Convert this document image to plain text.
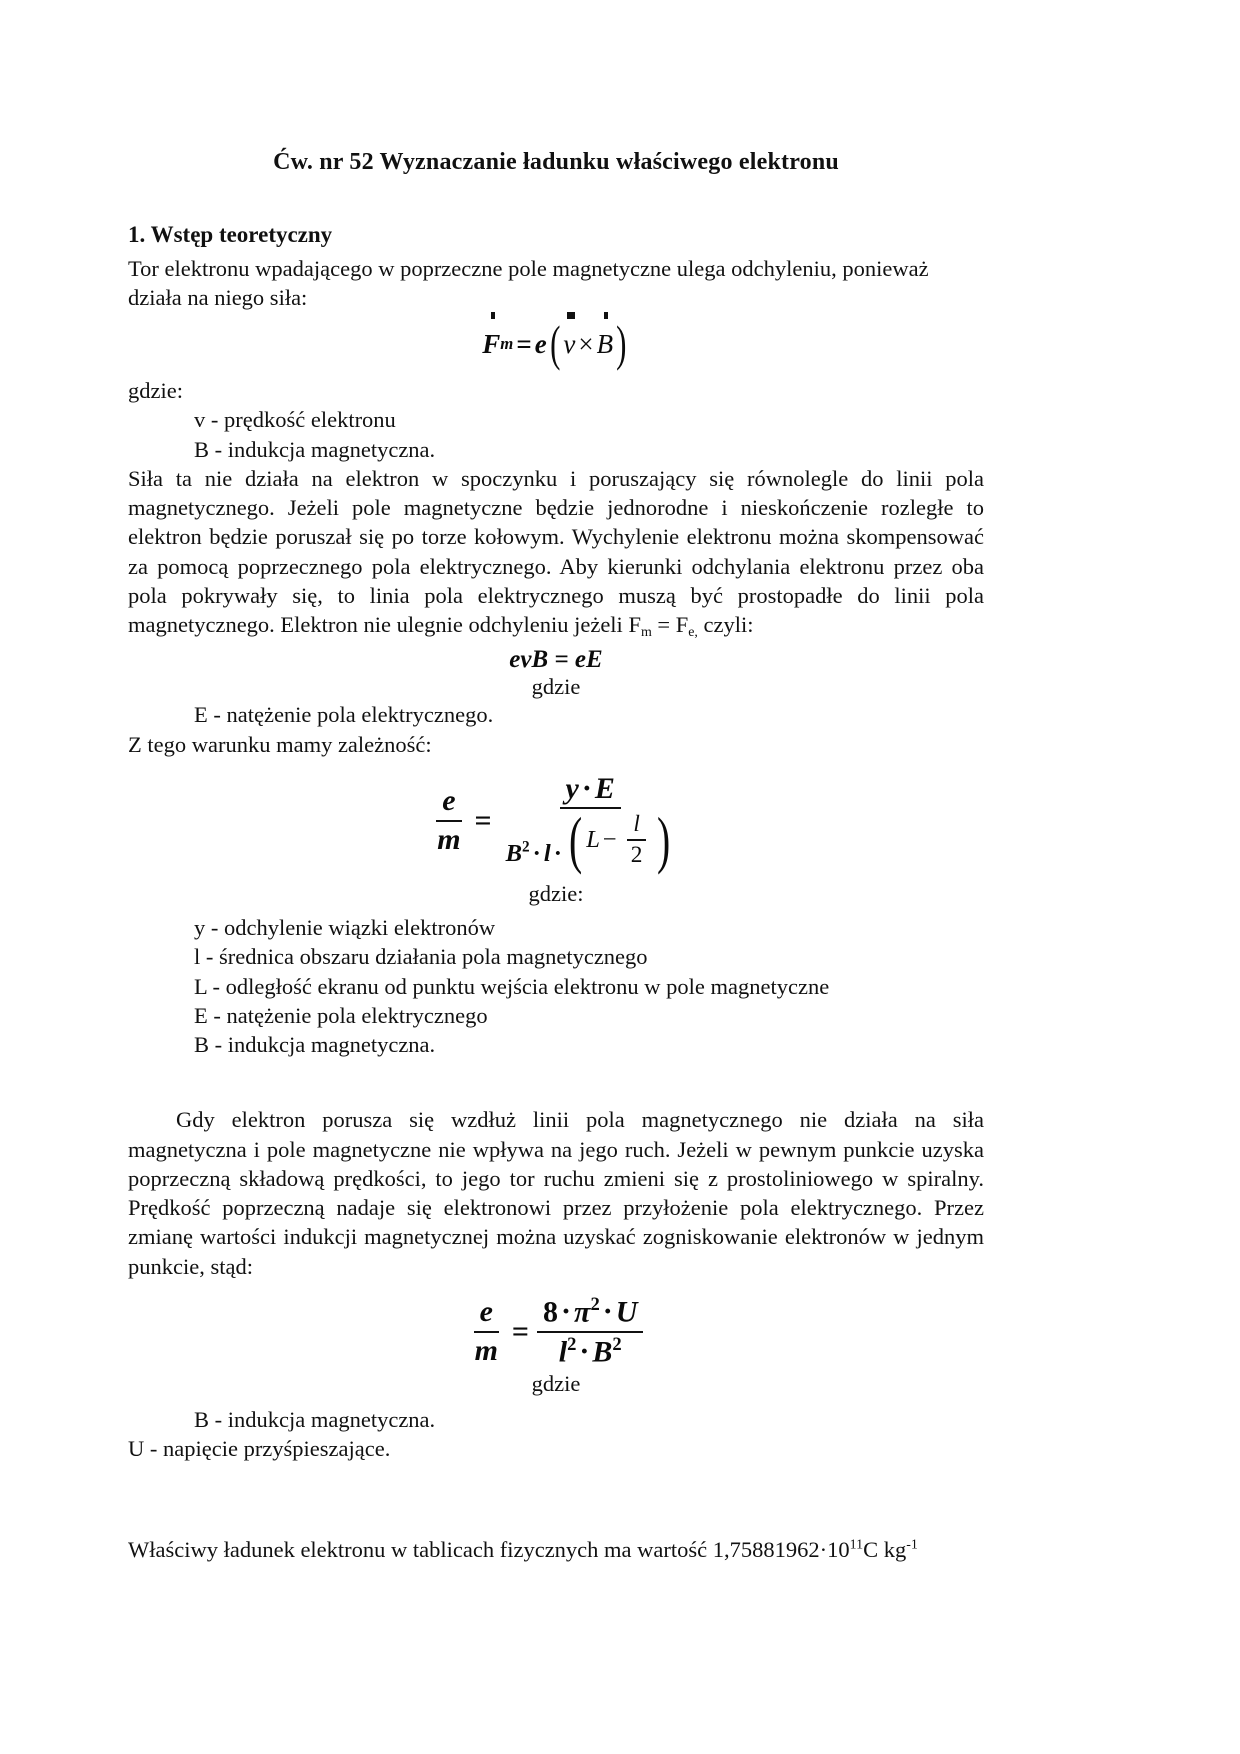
Ćw. nr 52 Wyznaczanie ładunku właściwego elektronu
1. Wstęp teoretyczny

Tor elektronu wpadającego w poprzeczne pole magnetyczne ulega odchyleniu, ponieważ działa na niego siła:

F m = e ( v × B )
gdzie:
v - prędkość elektronu
B - indukcja magnetyczna.

Siła ta nie działa na elektron w spoczynku i poruszający się równolegle do linii pola magnetycznego. Jeżeli pole magnetyczne będzie jednorodne i nieskończenie rozległe to elektron będzie poruszał się po torze kołowym. Wychylenie elektronu można skompensować za pomocą poprzecznego pola elektrycznego. Aby kierunki odchylania elektronu przez oba pola pokrywały się, to linia pola elektrycznego muszą być prostopadłe do linii pola magnetycznego. Elektron nie ulegnie odchyleniu jeżeli $F_m = F_{e,}$ czyli:

evB = eE
gdzie
E - natężenie pola elektrycznego.

Z tego warunku mamy zależność:

$\frac{e}{m} = \frac{y \cdot E}{B^2 \cdot l \cdot ( L - \frac{l}{2} )}$
gdzie:
y - odchylenie wiązki elektronów
l - średnica obszaru działania pola magnetycznego
L - odległość ekranu od punktu wejścia elektronu w pole magnetyczne
E - natężenie pola elektrycznego
B - indukcja magnetyczna.

Gdy elektron porusza się wzdłuż linii pola magnetycznego nie działa na siła magnetyczna i pole magnetyczne nie wpływa na jego ruch. Jeżeli w pewnym punkcie uzyska poprzeczną składową prędkości, to jego tor ruchu zmieni się z prostoliniowego w spiralny. Prędkość poprzeczną nadaje się elektronowi przez przyłożenie pola elektrycznego. Przez zmianę wartości indukcji magnetycznej można uzyskać zogniskowanie elektronów w jednym punkcie, stąd:

$\frac{e}{m} = \frac{8 \cdot \pi^2 \cdot U}{l^2 \cdot B^2}$
gdzie
B - indukcja magnetyczna.
U - napięcie przyśpieszające.
Właściwy ładunek elektronu w tablicach fizycznych ma wartość $1,75881962\cdot 10^{11}C$ $kg^{-1}$
